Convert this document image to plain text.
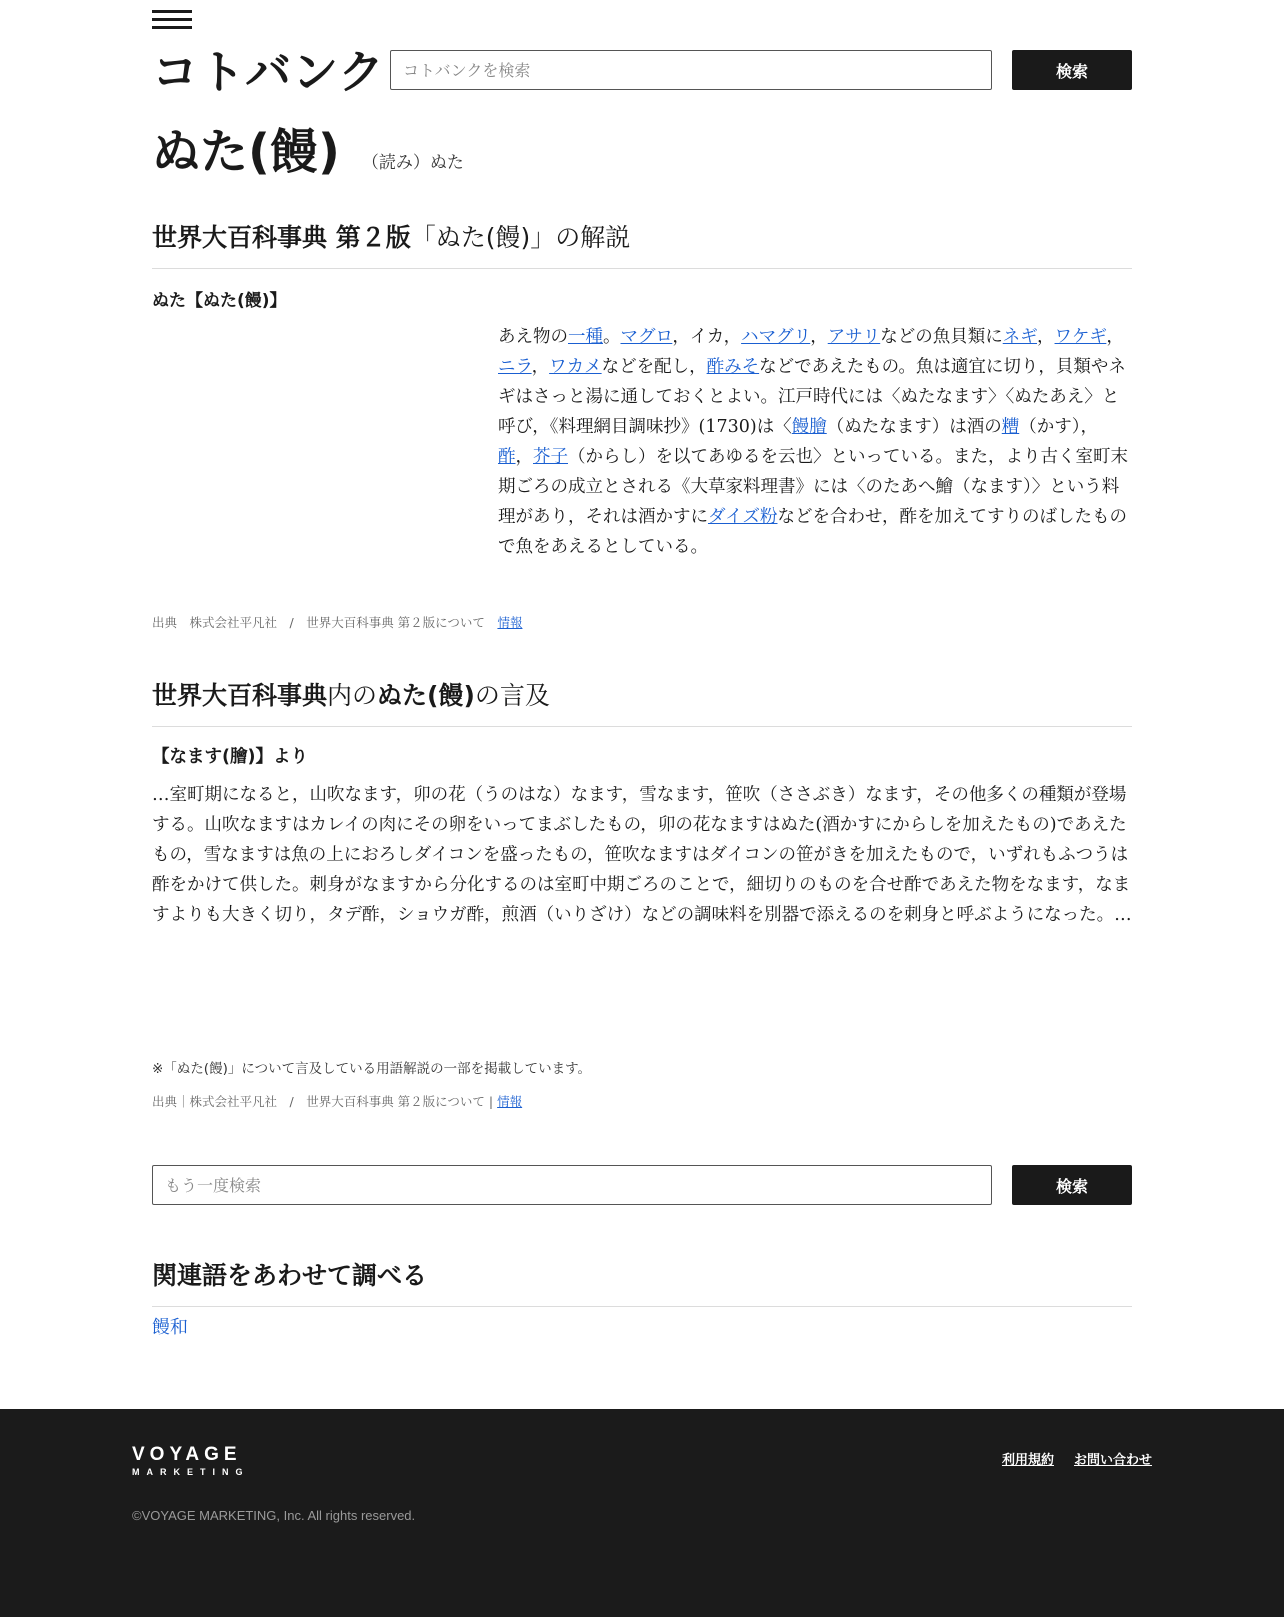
コトバンク
コトバンクを検索	検索
ぬた(饅) （読み）ぬた
世界大百科事典 第２版「ぬた(饅)」の解説
ぬた【ぬた(饅)】
あえ物の一種。マグロ，イカ，ハマグリ，アサリなどの魚貝類にネギ，ワケギ，ニラ，ワカメなどを配し，酢みそなどであえたもの。魚は適宜に切り，貝類やネギはさっと湯に通しておくとよい。江戸時代には〈ぬたなます〉〈ぬたあえ〉と呼び，《料理網目調味抄》(1730)は〈饅膾（ぬたなます）は酒の糟（かす），酢，芥子（からし）を以てあゆるを云也〉といっている。また，より古く室町末期ごろの成立とされる《大草家料理書》には〈のたあへ鱠（なます）〉という料理があり，それは酒かすにダイズ粉などを合わせ，酢を加えてすりのばしたもので魚をあえるとしている。
出典　株式会社平凡社　/　世界大百科事典 第２版について　情報
世界大百科事典内のぬた(饅)の言及
【なます(膾)】より
…室町期になると，山吹なます，卯の花（うのはな）なます，雪なます，笹吹（ささぶき）なます，その他多くの種類が登場する。山吹なますはカレイの肉にその卵をいってまぶしたもの，卯の花なますはぬた(酒かすにからしを加えたもの)であえたもの，雪なますは魚の上におろしダイコンを盛ったもの，笹吹なますはダイコンの笹がきを加えたもので，いずれもふつうは酢をかけて供した。刺身がなますから分化するのは室町中期ごろのことで，細切りのものを合せ酢であえた物をなます，なますよりも大きく切り，タデ酢，ショウガ酢，煎酒（いりざけ）などの調味料を別器で添えるのを刺身と呼ぶようになった。…
※「ぬた(饅)」について言及している用語解説の一部を掲載しています。
出典｜株式会社平凡社　/　世界大百科事典 第２版について | 情報
もう一度検索
検索
関連語をあわせて調べる
饅和
VOYAGE
MARKETING
利用規約 お問い合わせ
©VOYAGE MARKETING, Inc. All rights reserved.
